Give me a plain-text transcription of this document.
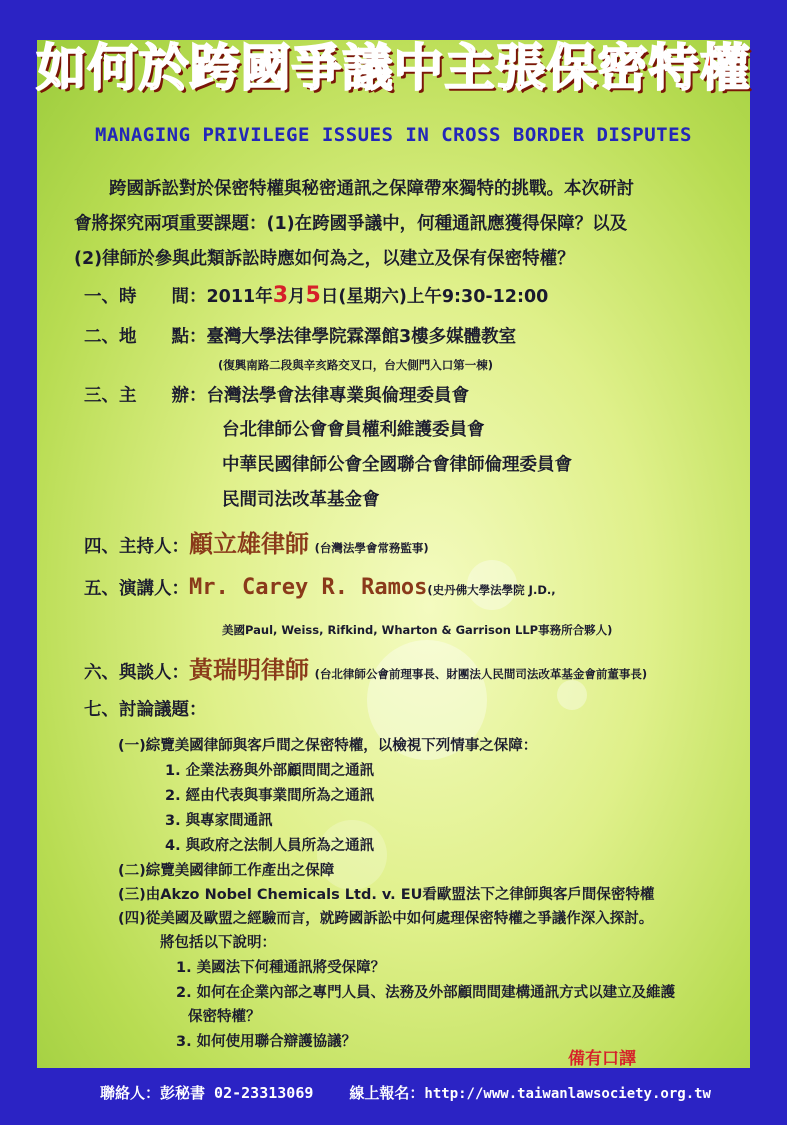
如何於跨國爭議中主張保密特權
MANAGING PRIVILEGE ISSUES IN CROSS BORDER DISPUTES
跨國訴訟對於保密特權與秘密通訊之保障帶來獨特的挑戰。本次研討
會將探究兩項重要課題：(1)在跨國爭議中，何種通訊應獲得保障？以及
(2)律師於參與此類訴訟時應如何為之，以建立及保有保密特權？
一、時　　間：2011年3月5日(星期六)上午9:30-12:00
二、地　　點：臺灣大學法律學院霖澤館3樓多媒體教室
(復興南路二段與辛亥路交叉口，台大側門入口第一棟)
三、主　　辦：台灣法學會法律專業與倫理委員會
台北律師公會會員權利維護委員會
中華民國律師公會全國聯合會律師倫理委員會
民間司法改革基金會
四、主持人：顧立雄律師 (台灣法學會常務監事)
五、演講人：Mr. Carey R. Ramos(史丹佛大學法學院 J.D.,
美國Paul, Weiss, Rifkind, Wharton & Garrison LLP事務所合夥人)
六、與談人：黃瑞明律師 (台北律師公會前理事長、財團法人民間司法改革基金會前董事長)
七、討論議題：
(一)綜覽美國律師與客戶間之保密特權，以檢視下列情事之保障：
1. 企業法務與外部顧問間之通訊
2. 經由代表與事業間所為之通訊
3. 與專家間通訊
4. 與政府之法制人員所為之通訊
(二)綜覽美國律師工作產出之保障
(三)由Akzo Nobel Chemicals Ltd. v. EU看歐盟法下之律師與客戶間保密特權
(四)從美國及歐盟之經驗而言，就跨國訴訟中如何處理保密特權之爭議作深入探討。
將包括以下說明：
1. 美國法下何種通訊將受保障？
2. 如何在企業內部之專門人員、法務及外部顧問間建構通訊方式以建立及維護
保密特權？
3. 如何使用聯合辯護協議？
備有口譯
聯絡人：彭秘書 02-23313069 線上報名：http://www.taiwanlawsociety.org.tw
